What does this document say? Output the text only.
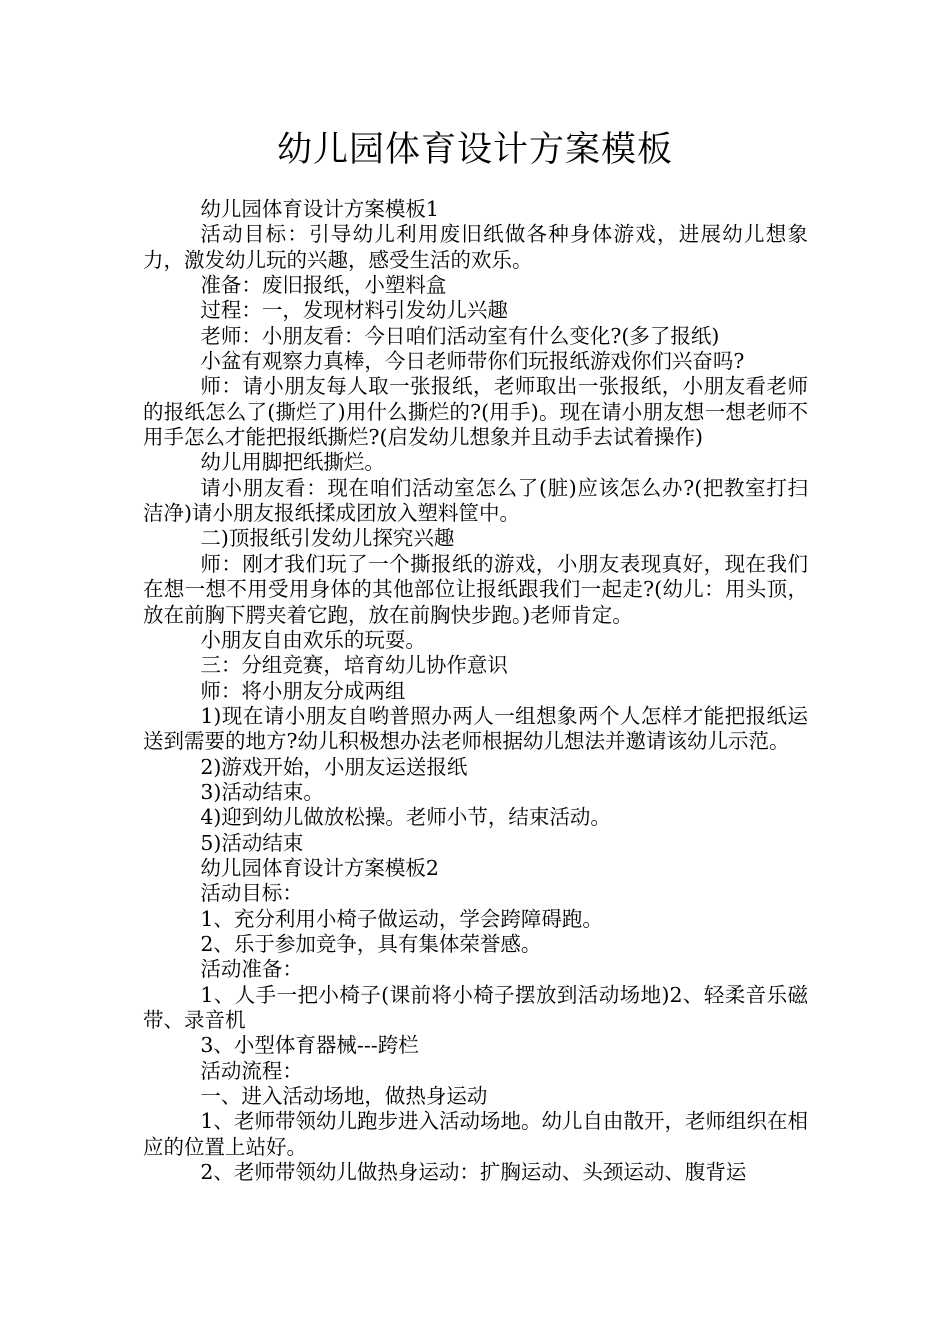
幼儿园体育设计方案模板

幼儿园体育设计方案模板1

活动目标：引导幼儿利用废旧纸做各种身体游戏，进展幼儿想象力，激发幼儿玩的兴趣，感受生活的欢乐。

准备：废旧报纸，小塑料盒

过程：一，发现材料引发幼儿兴趣

老师：小朋友看：今日咱们活动室有什么变化?(多了报纸)

小盆有观察力真棒，今日老师带你们玩报纸游戏你们兴奋吗?

师：请小朋友每人取一张报纸，老师取出一张报纸，小朋友看老师的报纸怎么了(撕烂了)用什么撕烂的?(用手)。现在请小朋友想一想老师不用手怎么才能把报纸撕烂?(启发幼儿想象并且动手去试着操作)

幼儿用脚把纸撕烂。

请小朋友看：现在咱们活动室怎么了(脏)应该怎么办?(把教室打扫洁净)请小朋友报纸揉成团放入塑料筐中。

二)顶报纸引发幼儿探究兴趣

师：刚才我们玩了一个撕报纸的游戏，小朋友表现真好，现在我们在想一想不用受用身体的其他部位让报纸跟我们一起走?(幼儿：用头顶，放在前胸下腭夹着它跑，放在前胸快步跑。)老师肯定。

小朋友自由欢乐的玩耍。

三：分组竞赛，培育幼儿协作意识

师：将小朋友分成两组

1)现在请小朋友自哟普照办两人一组想象两个人怎样才能把报纸运送到需要的地方?幼儿积极想办法老师根据幼儿想法并邀请该幼儿示范。

2)游戏开始，小朋友运送报纸

3)活动结束。

4)迎到幼儿做放松操。老师小节，结束活动。

5)活动结束

幼儿园体育设计方案模板2

活动目标：

1、充分利用小椅子做运动，学会跨障碍跑。

2、乐于参加竞争，具有集体荣誉感。

活动准备：

1、人手一把小椅子(课前将小椅子摆放到活动场地)2、轻柔音乐磁带、录音机

3、小型体育器械---跨栏

活动流程：

一、进入活动场地，做热身运动

1、老师带领幼儿跑步进入活动场地。幼儿自由散开，老师组织在相应的位置上站好。

2、老师带领幼儿做热身运动：扩胸运动、头颈运动、腹背运
